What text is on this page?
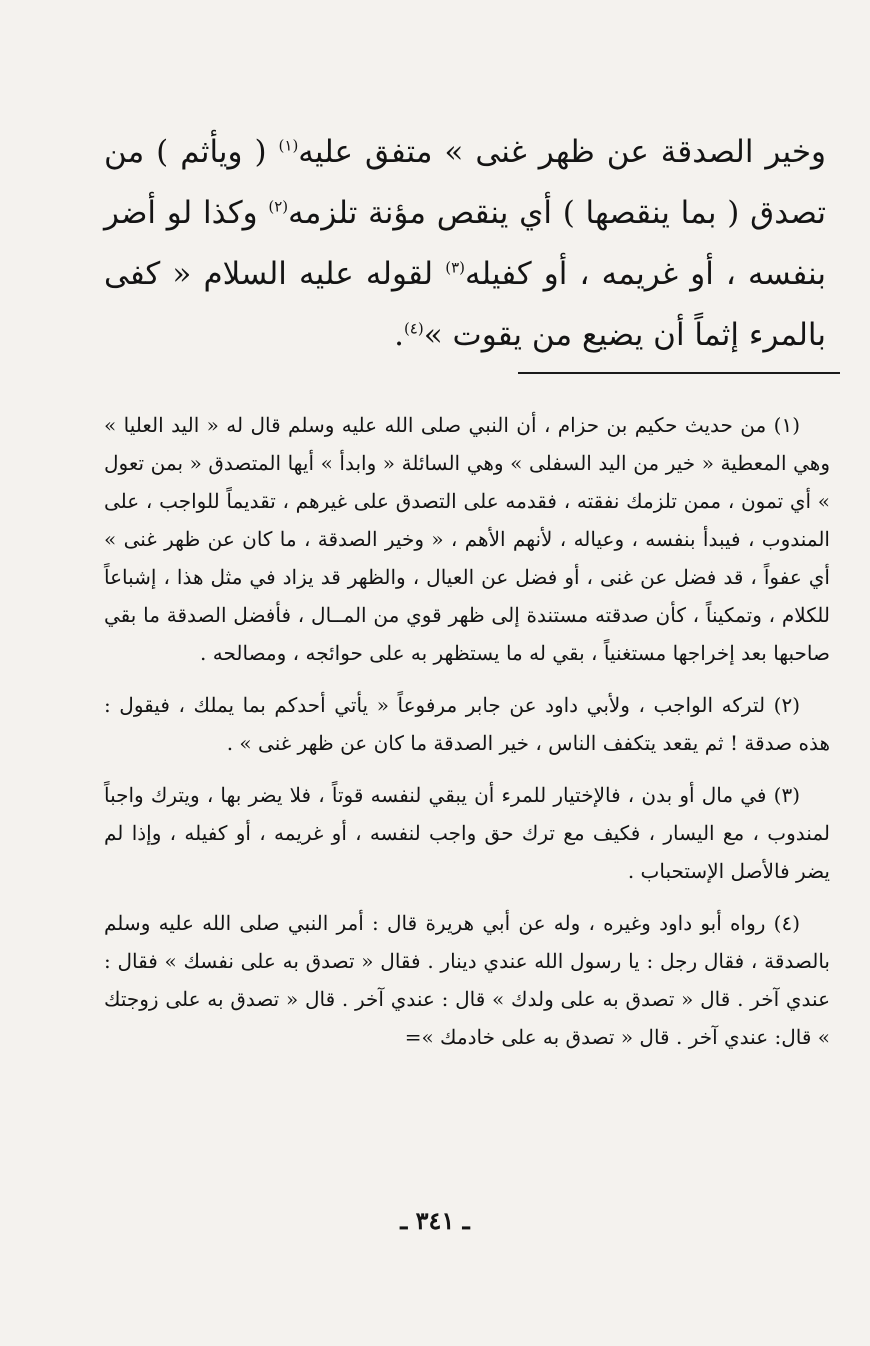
وخير الصدقة عن ظهر غنى » متفق عليه$^{(١)}$ ( ويأثم ) من تصدق ( بما ينقصها ) أي ينقص مؤنة تلزمه$^{(٢)}$ وكذا لو أضر بنفسه ، أو غريمه ، أو كفيله$^{(٣)}$ لقوله عليه السلام « كفى بالمرء إثماً أن يضيع من يقوت »$^{(٤)}$.

(١) من حديث حكيم بن حزام ، أن النبي صلى الله عليه وسلم قال له « اليد العليا » وهي المعطية « خير من اليد السفلى » وهي السائلة « وابدأ » أيها المتصدق « بمن تعول » أي تمون ، ممن تلزمك نفقته ، فقدمه على التصدق على غيرهم ، تقديماً للواجب ، على المندوب ، فيبدأ بنفسه ، وعياله ، لأنهم الأهم ، « وخير الصدقة ، ما كان عن ظهر غنى » أي عفواً ، قد فضل عن غنى ، أو فضل عن العيال ، والظهر قد يزاد في مثل هذا ، إشباعاً للكلام ، وتمكيناً ، كأن صدقته مستندة إلى ظهر قوي من المــال ، فأفضل الصدقة ما بقي صاحبها بعد إخراجها مستغنياً ، بقي له ما يستظهر به على حوائجه ، ومصالحه .

(٢) لتركه الواجب ، ولأبي داود عن جابر مرفوعاً « يأتي أحدكم بما يملك ، فيقول : هذه صدقة ! ثم يقعد يتكفف الناس ، خير الصدقة ما كان عن ظهر غنى » .

(٣) في مال أو بدن ، فالإختيار للمرء أن يبقي لنفسه قوتاً ، فلا يضر بها ، ويترك واجباً لمندوب ، مع اليسار ، فكيف مع ترك حق واجب لنفسه ، أو غريمه ، أو كفيله ، وإذا لم يضر فالأصل الإستحباب .

(٤) رواه أبو داود وغيره ، وله عن أبي هريرة قال : أمر النبي صلى الله عليه وسلم بالصدقة ، فقال رجل : يا رسول الله عندي دينار . فقال « تصدق به على نفسك » فقال : عندي آخر . قال « تصدق به على ولدك » قال : عندي آخر . قال « تصدق به على زوجتك » قال: عندي آخر . قال « تصدق به على خادمك »=

ـ ٣٤١ ـ
